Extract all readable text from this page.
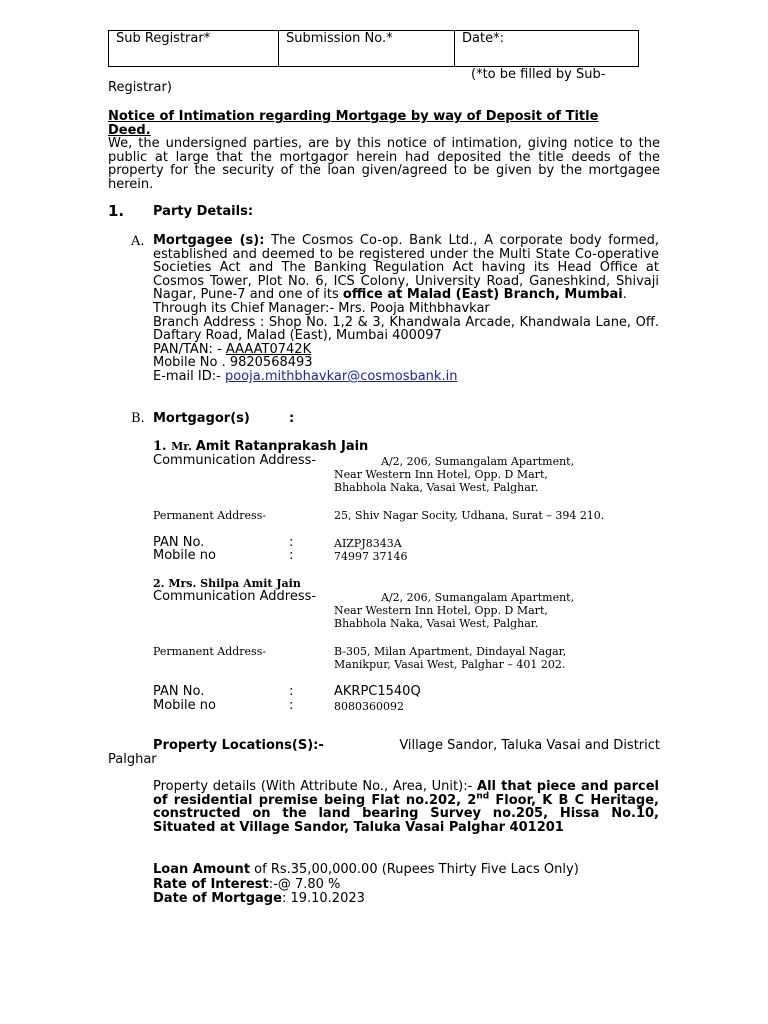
Sub Registrar*	Submission No.*	Date*:
(*to be filled by Sub-
Registrar)
Notice of Intimation regarding Mortgage by way of Deposit of Title
Deed.
We, the undersigned parties, are by this notice of intimation, giving notice to the public at large that the mortgagor herein had deposited the title deeds of the property for the security of the loan given/agreed to be given by the mortgagee herein.
1. Party Details:
A. Mortgagee (s): The Cosmos Co-op. Bank Ltd., A corporate body formed, established and deemed to be registered under the Multi State Co-operative Societies Act and The Banking Regulation Act having its Head Office at Cosmos Tower, Plot No. 6, ICS Colony, University Road, Ganeshkind, Shivaji Nagar, Pune-7 and one of its office at Malad (East) Branch, Mumbai.
Through its Chief Manager:- Mrs. Pooja Mithbhavkar
Branch Address : Shop No. 1,2 & 3, Khandwala Arcade, Khandwala Lane, Off. Daftary Road, Malad (East), Mumbai 400097
PAN/TAN: - AAAAT0742K
Mobile No . 9820568493
E-mail ID:- pooja.mithbhavkar@cosmosbank.in
B. Mortgagor(s)	:
1. Mr. Amit Ratanprakash Jain
Communication Address-	A/2, 206, Sumangalam Apartment,
Near Western Inn Hotel, Opp. D Mart,
Bhabhola Naka, Vasai West, Palghar.
Permanent Address-	25, Shiv Nagar Socity, Udhana, Surat – 394 210.
PAN No.	:	AIZPJ8343A
Mobile no	:	74997 37146
2. Mrs. Shilpa Amit Jain
Communication Address-	A/2, 206, Sumangalam Apartment,
Near Western Inn Hotel, Opp. D Mart,
Bhabhola Naka, Vasai West, Palghar.
Permanent Address-	B-305, Milan Apartment, Dindayal Nagar,
Manikpur, Vasai West, Palghar – 401 202.
PAN No.	:	AKRPC1540Q
Mobile no	:	8080360092
Property Locations(S):-	Village Sandor, Taluka Vasai and District
Palghar
Property details (With Attribute No., Area, Unit):- All that piece and parcel of residential premise being Flat no.202, 2nd Floor, K B C Heritage, constructed on the land bearing Survey no.205, Hissa No.10, Situated at Village Sandor, Taluka Vasai Palghar 401201
Loan Amount of Rs.35,00,000.00 (Rupees Thirty Five Lacs Only)
Rate of Interest:-@ 7.80 %
Date of Mortgage: 19.10.2023
